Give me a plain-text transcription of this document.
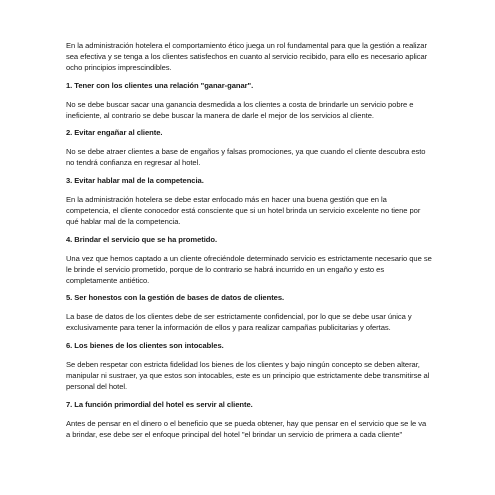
En la administración hotelera el comportamiento ético juega un rol fundamental para que la gestión a realizar sea efectiva y se tenga a los clientes satisfechos en cuanto al servicio recibido, para ello es necesario aplicar ocho principios imprescindibles.

1. Tener con los clientes una relación "ganar-ganar".

No se debe buscar sacar una ganancia desmedida a los clientes a costa de brindarle un servicio pobre e ineficiente, al contrario se debe buscar la manera de darle el mejor de los servicios al cliente.

2. Evitar engañar al cliente.

No se debe atraer clientes a base de engaños y falsas promociones, ya que cuando el cliente descubra esto no tendrá confianza en regresar al hotel.

3. Evitar hablar mal de la competencia.

En la administración hotelera se debe estar enfocado más en hacer una buena gestión que en la competencia, el cliente conocedor está consciente que si un hotel brinda un servicio excelente no tiene por qué hablar mal de la competencia.

4. Brindar el servicio que se ha prometido.

Una vez que hemos captado a un cliente ofreciéndole determinado servicio es estrictamente necesario que se le brinde el servicio prometido, porque de lo contrario se habrá incurrido en un engaño y esto es completamente antiético.

5. Ser honestos con la gestión de bases de datos de clientes.

La base de datos de los clientes debe de ser estrictamente confidencial, por lo que se debe usar única y exclusivamente para tener la información de ellos y para realizar campañas publicitarias y ofertas.

6. Los bienes de los clientes son intocables.

Se deben respetar con estricta fidelidad los bienes de los clientes y bajo ningún concepto se deben alterar, manipular ni sustraer, ya que estos son intocables, este es un principio que estrictamente debe transmitirse al personal del hotel.

7. La función primordial del hotel es servir al cliente.

Antes de pensar en el dinero o el beneficio que se pueda obtener, hay que pensar en el servicio que se le va a brindar, ese debe ser el enfoque principal del hotel "el brindar un servicio de primera a cada cliente"
